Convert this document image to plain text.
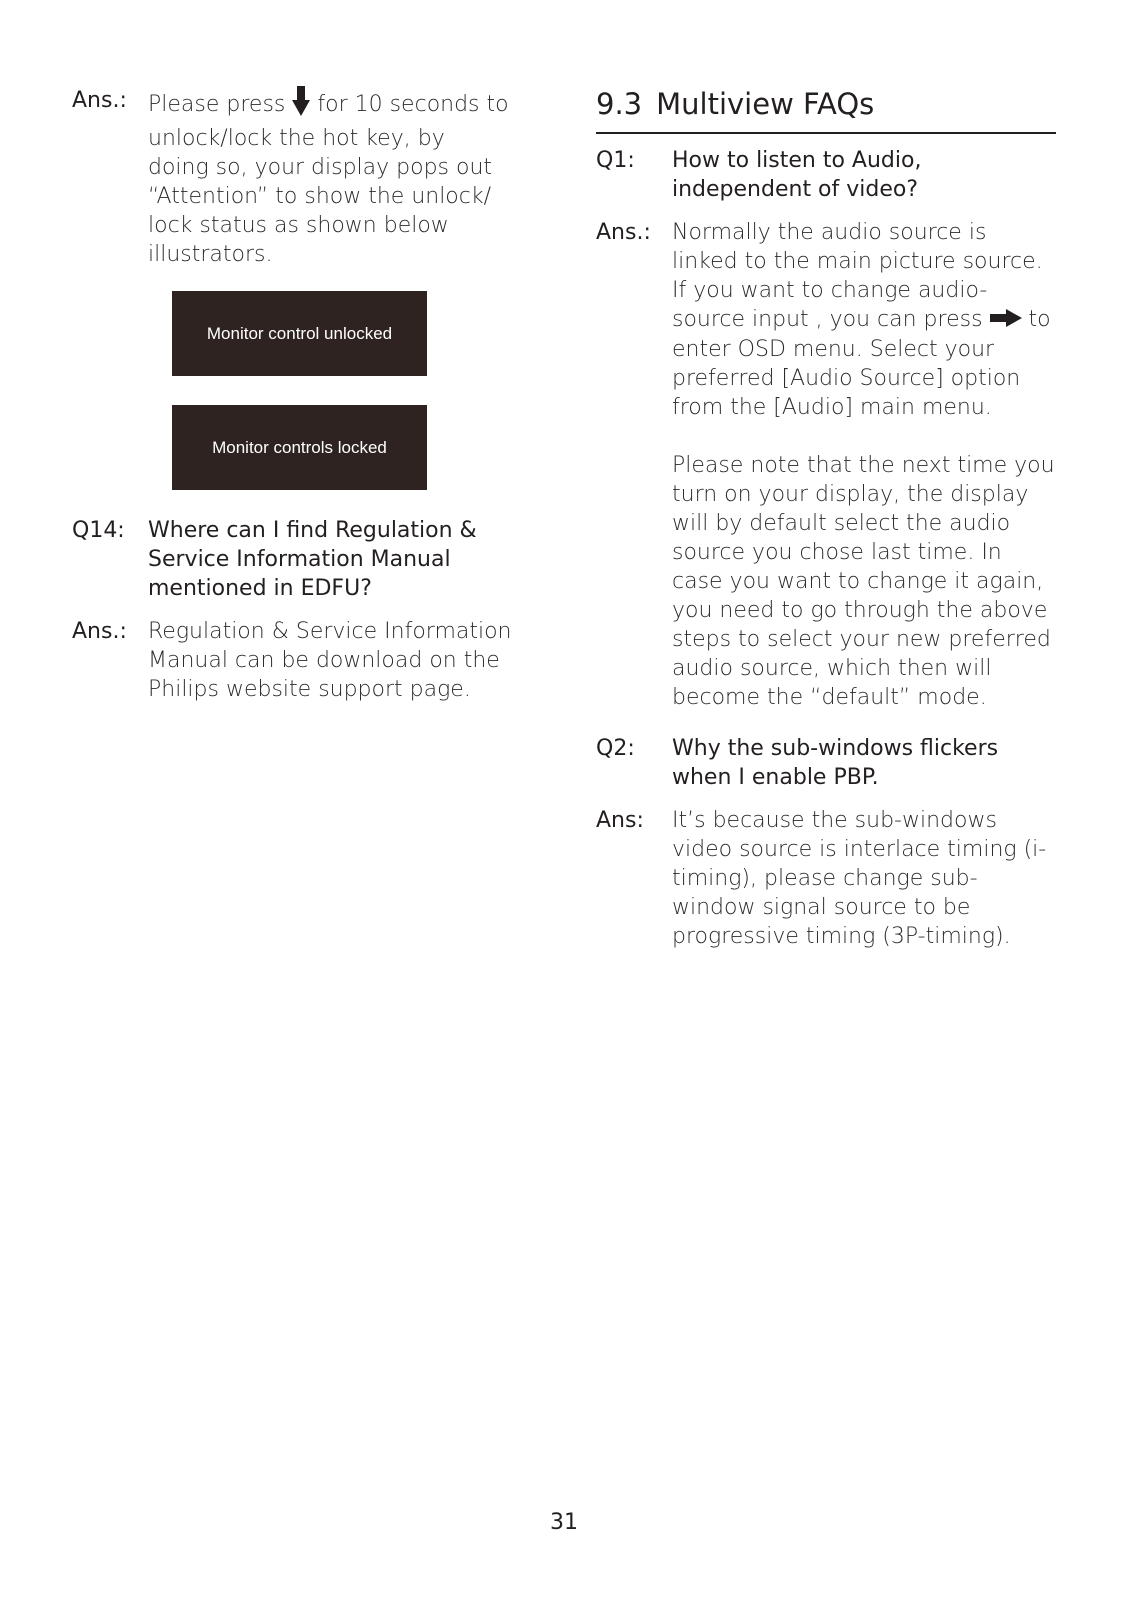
Ans.: Please press  for 10 seconds to unlock/lock the hot key, by doing so, your display pops out “Attention” to show the unlock/ lock status as shown below illustrators.
Monitor control unlocked
Monitor controls locked
Q14:	Where can I find Regulation & Service Information Manual mentioned in EDFU?
Ans.: Regulation & Service Information Manual can be download on the Philips website support page.
9.3 Multiview FAQs
Q1:	How to listen to Audio, independent of video?
Ans.: Normally the audio source is linked to the main picture source. If you want to change audio-source input , you can press  to enter OSD menu. Select your preferred [Audio Source] option from the [Audio] main menu.
Please note that the next time you turn on your display, the display will by default select the audio source you chose last time. In case you want to change it again, you need to go through the above steps to select your new preferred audio source, which then will become the “default” mode.
Q2:	Why the sub-windows flickers when I enable PBP.
Ans:	It’s because the sub-windows video source is interlace timing (i-timing), please change sub-window signal source to be progressive timing (3P-timing).
31
